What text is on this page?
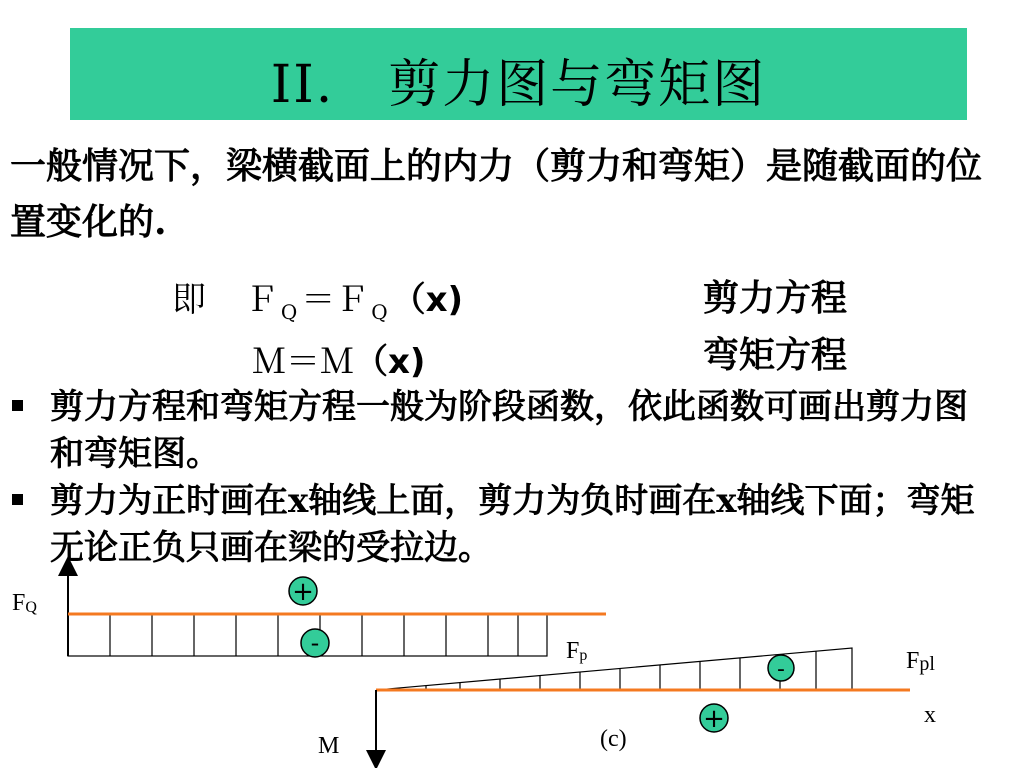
II.　剪力图与弯矩图
一般情况下，梁横截面上的内力（剪力和弯矩）是随截面的位置变化的.
即 Ｆ $_Q$ ＝Ｆ $_Q$ （x)	剪力方程
Ｍ＝Ｍ（x)	弯矩方程
剪力方程和弯矩方程一般为阶段函数，依此函数可画出剪力图和弯矩图。
剪力为正时画在x轴线上面，剪力为负时画在x轴线下面；弯矩无论正负只画在梁的受拉边。
FQ
+
-	Fp
-
+
Fpl
x
M	(c)
